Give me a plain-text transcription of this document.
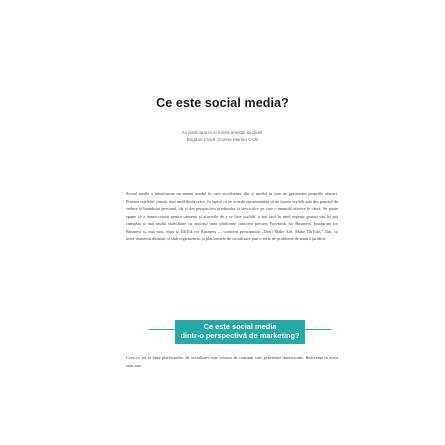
Ce este social media?
Au participat la scrierea acestei secțiuni:
Bogdan Ciacă, Corina Marina Cichi

Social media a transformat nu numai modul în care socializăm, dar și modul în care ne gestionăm propriile afaceri. Puterea rețelelor constă, mai mult decât orice, în faptul că ne acordă oportunitatea să ne facem vizibili atât din punctul de vedere al brandului personal, cât și din perspectiva produselor și serviciilor pe care o anumită afacere le oferă. Se poate spune că a democratizat pentru oamenii și afacerile de a se face vizibili, o pot face în mod organic gratuit sau își pot cumpăra și mai multă vizibilitate cu ajutorul unor platforme concrete precum Facebook for Business, Instagram for Business și, mai nou, chiar și TikTok for Business — conform principiului „Don't Make Ads. Make TikToks”. Dar, ca orice domeniu dinamic și slab reglementat, și platformele de socializare pun o serie de probleme de natură juridică.

Ce este social media
dintr-o perspectivă de marketing?

Ceea ce stă la baza platformelor de socializare este crearea de conținut care generează interacțiune. Relevanță în acest sens este
